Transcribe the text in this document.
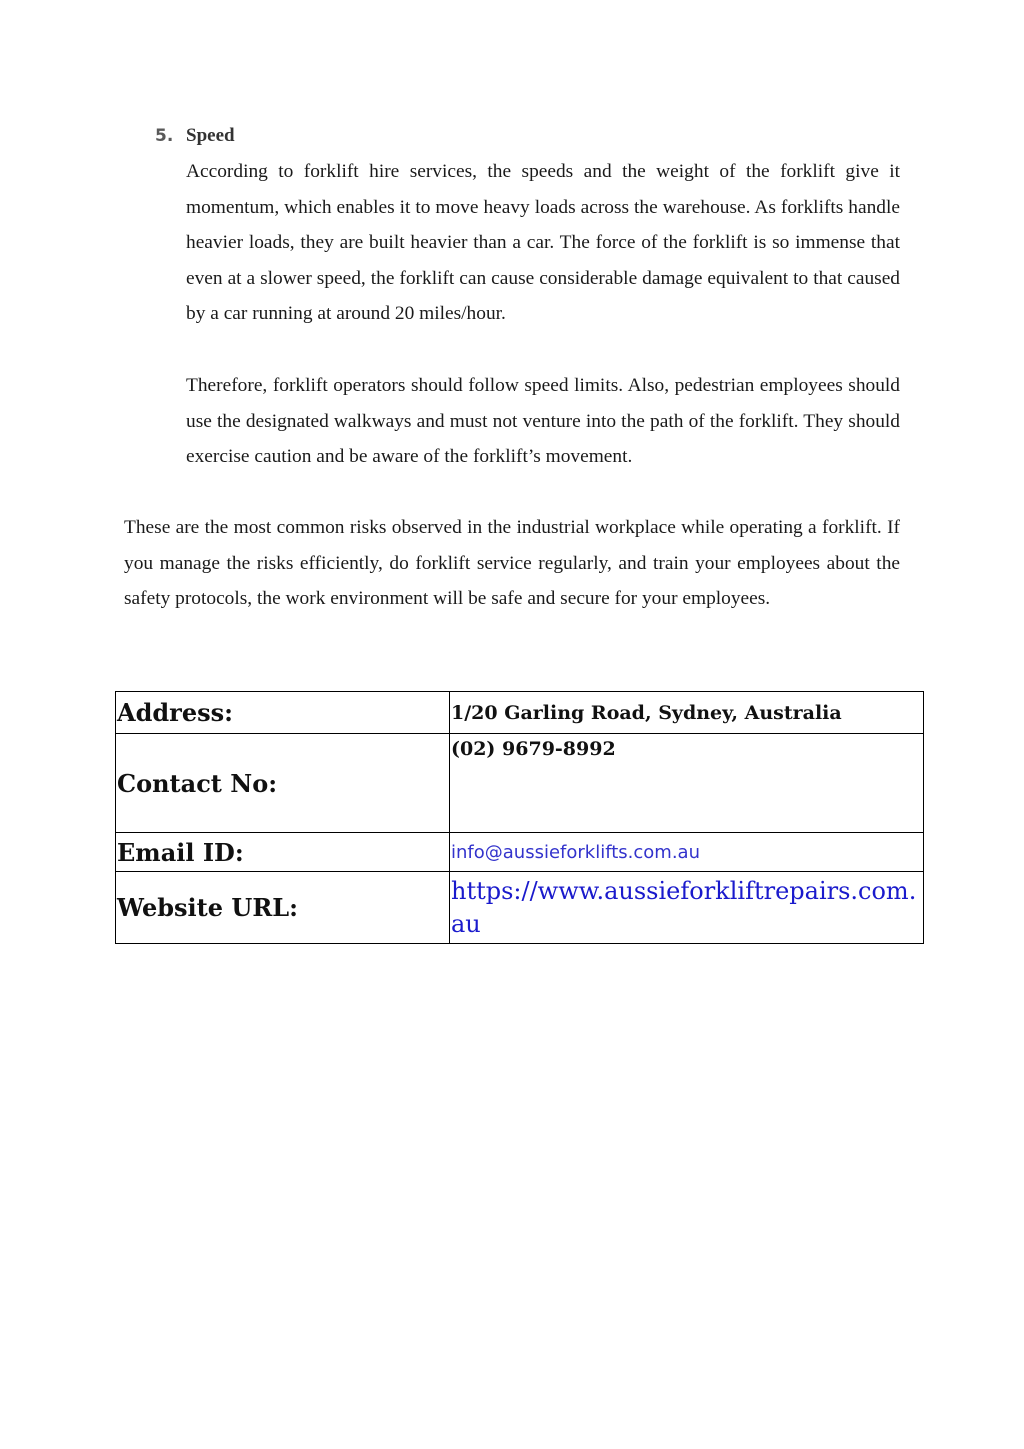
5. Speed

According to forklift hire services, the speeds and the weight of the forklift give it momentum, which enables it to move heavy loads across the warehouse. As forklifts handle heavier loads, they are built heavier than a car. The force of the forklift is so immense that even at a slower speed, the forklift can cause considerable damage equivalent to that caused by a car running at around 20 miles/hour.

Therefore, forklift operators should follow speed limits. Also, pedestrian employees should use the designated walkways and must not venture into the path of the forklift. They should exercise caution and be aware of the forklift’s movement.

These are the most common risks observed in the industrial workplace while operating a forklift. If you manage the risks efficiently, do forklift service regularly, and train your employees about the safety protocols, the work environment will be safe and secure for your employees.

Address:	1/20 Garling Road, Sydney, Australia
Contact No:	(02) 9679-8992
Email ID:	info@aussieforklifts.com.au
Website URL:	https://www.aussieforkliftrepairs.com.au
